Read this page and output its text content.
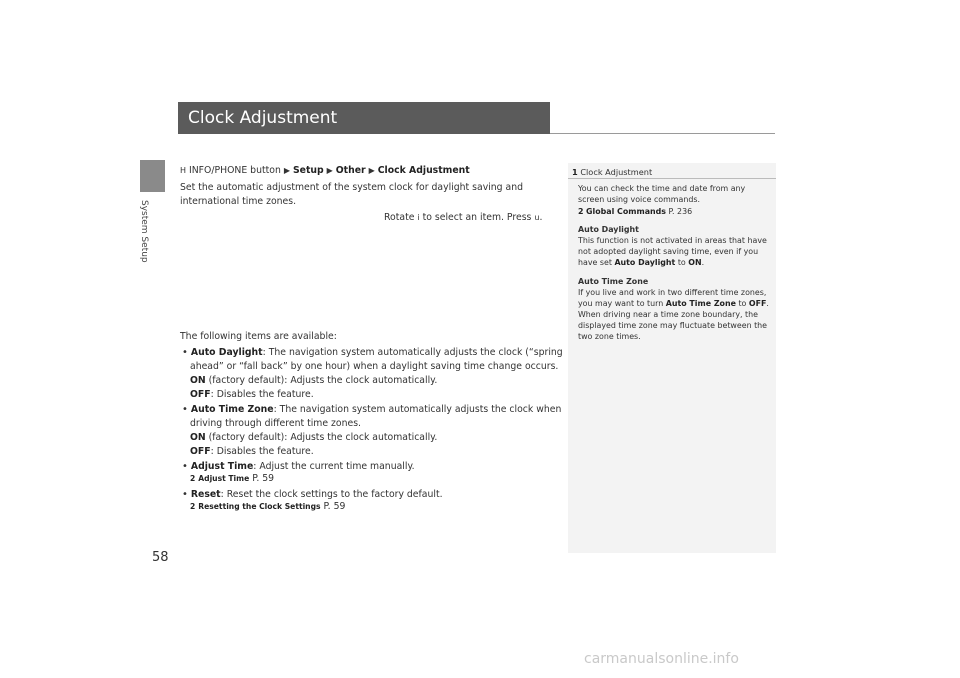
System Setup
Clock Adjustment
H INFO/PHONE button ▶ Setup ▶ Other ▶ Clock Adjustment
Set the automatic adjustment of the system clock for daylight saving and
international time zones.
Rotate i to select an item. Press u.
The following items are available:
• Auto Daylight: The navigation system automatically adjusts the clock (“spring
ahead” or “fall back” by one hour) when a daylight saving time change occurs.
ON (factory default): Adjusts the clock automatically.
OFF: Disables the feature.
• Auto Time Zone: The navigation system automatically adjusts the clock when
driving through different time zones.
ON (factory default): Adjusts the clock automatically.
OFF: Disables the feature.
• Adjust Time: Adjust the current time manually.
2 Adjust Time P. 59
• Reset: Reset the clock settings to the factory default.
2 Resetting the Clock Settings P. 59
1 Clock Adjustment
You can check the time and date from any
screen using voice commands.
2 Global Commands P. 236
Auto Daylight
This function is not activated in areas that have
not adopted daylight saving time, even if you
have set Auto Daylight to ON.
Auto Time Zone
If you live and work in two different time zones,
you may want to turn Auto Time Zone to OFF.
When driving near a time zone boundary, the
displayed time zone may fluctuate between the
two zone times.
58
carmanualsonline.info
